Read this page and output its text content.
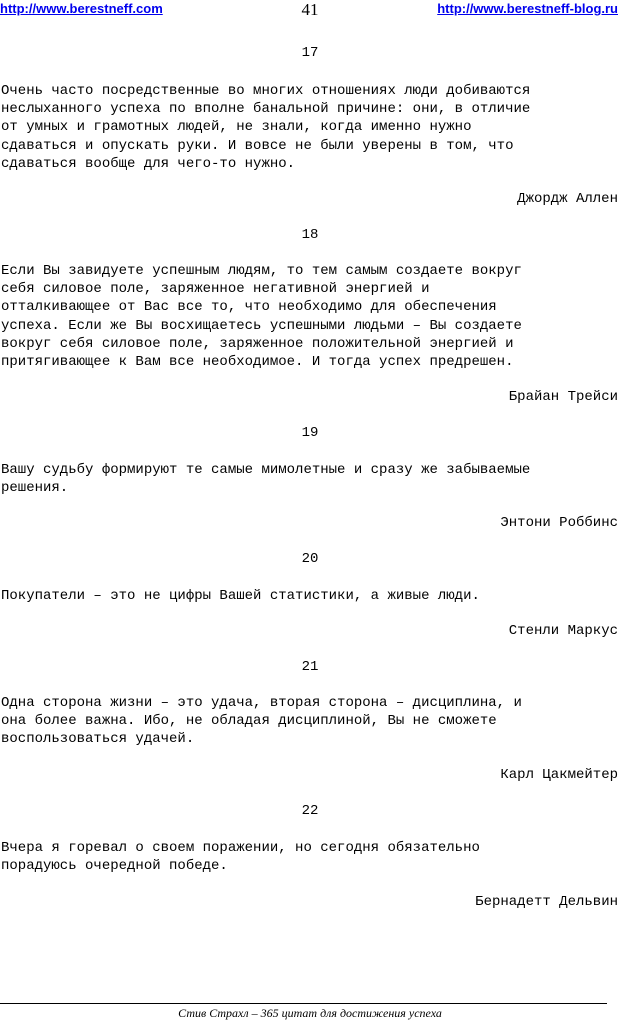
http://www.berestneff.com	41	http://www.berestneff-blog.ru
17
Очень часто посредственные во многих отношениях люди добиваются
неслыханного успеха по вполне банальной причине: они, в отличие
от умных и грамотных людей, не знали, когда именно нужно
сдаваться и опускать руки. И вовсе не были уверены в том, что
сдаваться вообще для чего-то нужно.
Джордж Аллен
18
Если Вы завидуете успешным людям, то тем самым создаете вокруг
себя силовое поле, заряженное негативной энергией и
отталкивающее от Вас все то, что необходимо для обеспечения
успеха. Если же Вы восхищаетесь успешными людьми – Вы создаете
вокруг себя силовое поле, заряженное положительной энергией и
притягивающее к Вам все необходимое. И тогда успех предрешен.
Брайан Трейси
19
Вашу судьбу формируют те самые мимолетные и сразу же забываемые
решения.
Энтони Роббинс
20
Покупатели – это не цифры Вашей статистики, а живые люди.
Стенли Маркус
21
Одна сторона жизни – это удача, вторая сторона – дисциплина, и
она более важна. Ибо, не обладая дисциплиной, Вы не сможете
воспользоваться удачей.
Карл Цакмейтер
22
Вчера я горевал о своем поражении, но сегодня обязательно
порадуюсь очередной победе.
Бернадетт Дельвин
Стив Страхл – 365 цитат для достижения успеха
